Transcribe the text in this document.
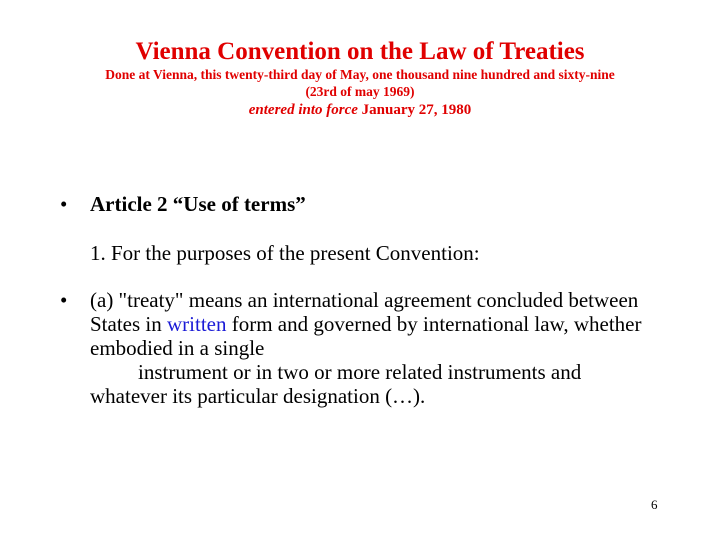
Vienna Convention on the Law of Treaties
Done at Vienna, this twenty-third day of May, one thousand nine hundred and sixty-nine
(23rd of may 1969)
entered into force January 27, 1980
• Article 2 “Use of terms”
1. For the purposes of the present Convention:
• (a) "treaty" means an international agreement concluded between States in written form and governed by international law, whether embodied in a single
instrument or in two or more related instruments and
whatever its particular designation (…).
6
